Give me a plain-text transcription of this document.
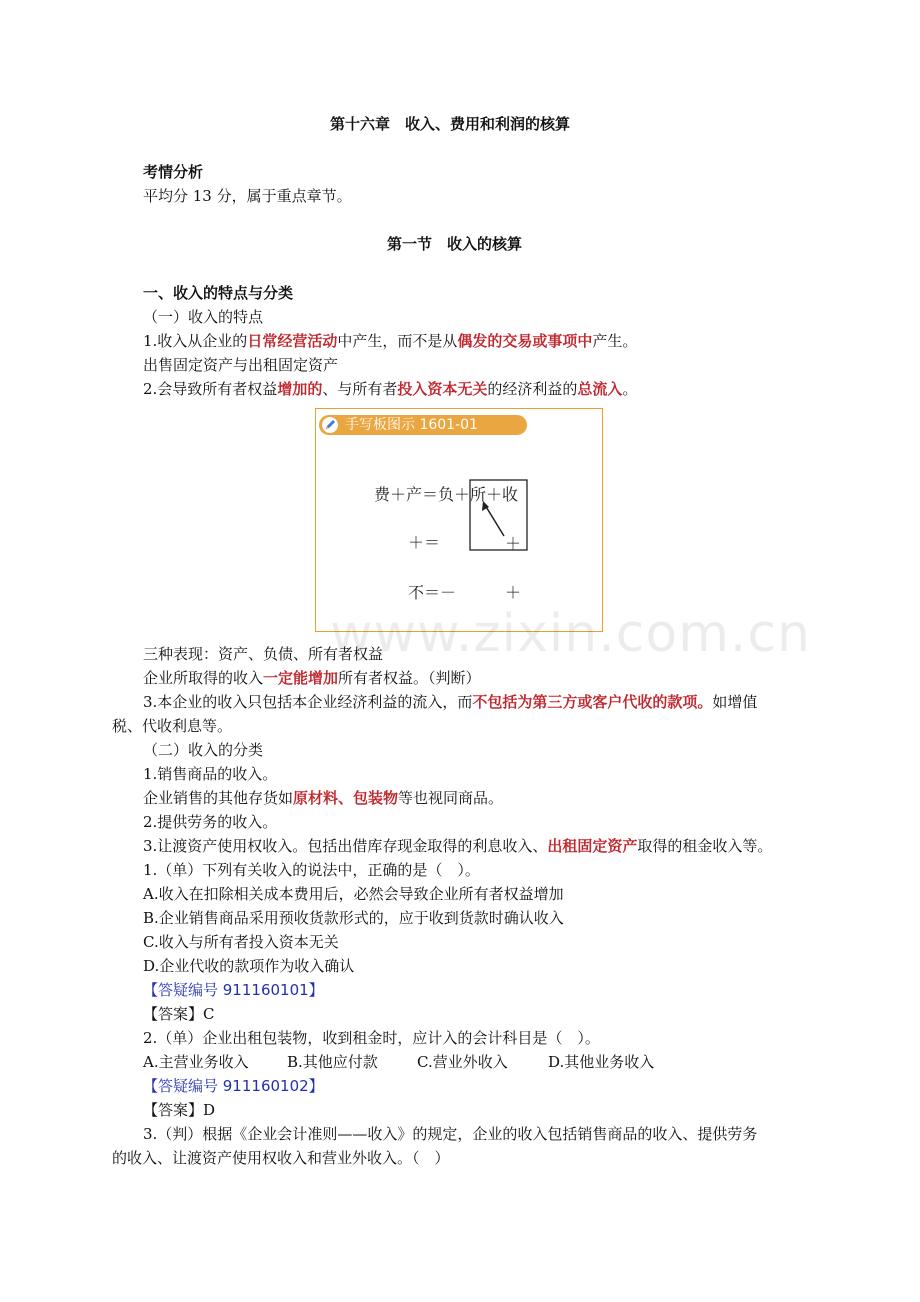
第十六章　收入、费用和利润的核算
考情分析
平均分 13 分，属于重点章节。
第一节　收入的核算
一、收入的特点与分类
（一）收入的特点
1.收入从企业的日常经营活动中产生，而不是从偶发的交易或事项中产生。
出售固定资产与出租固定资产
2.会导致所有者权益增加的、与所有者投入资本无关的经济利益的总流入。
手写板图示 1601-01
费＋产＝负＋所＋收
＋＝	＋
不＝－	＋
www.zixin.com.cn
三种表现：资产、负债、所有者权益
企业所取得的收入一定能增加所有者权益。（判断）
3.本企业的收入只包括本企业经济利益的流入，而不包括为第三方或客户代收的款项。如增值
税、代收利息等。
（二）收入的分类
1.销售商品的收入。
企业销售的其他存货如原材料、包装物等也视同商品。
2.提供劳务的收入。
3.让渡资产使用权收入。包括出借库存现金取得的利息收入、出租固定资产取得的租金收入等。
1.（单）下列有关收入的说法中，正确的是（　）。
A.收入在扣除相关成本费用后，必然会导致企业所有者权益增加
B.企业销售商品采用预收货款形式的，应于收到货款时确认收入
C.收入与所有者投入资本无关
D.企业代收的款项作为收入确认
【答疑编号 911160101】
【答案】C
2.（单）企业出租包装物，收到租金时，应计入的会计科目是（　）。
A.主营业务收入	B.其他应付款	C.营业外收入	D.其他业务收入
【答疑编号 911160102】
【答案】D
3.（判）根据《企业会计准则——收入》的规定，企业的收入包括销售商品的收入、提供劳务
的收入、让渡资产使用权收入和营业外收入。（　）
